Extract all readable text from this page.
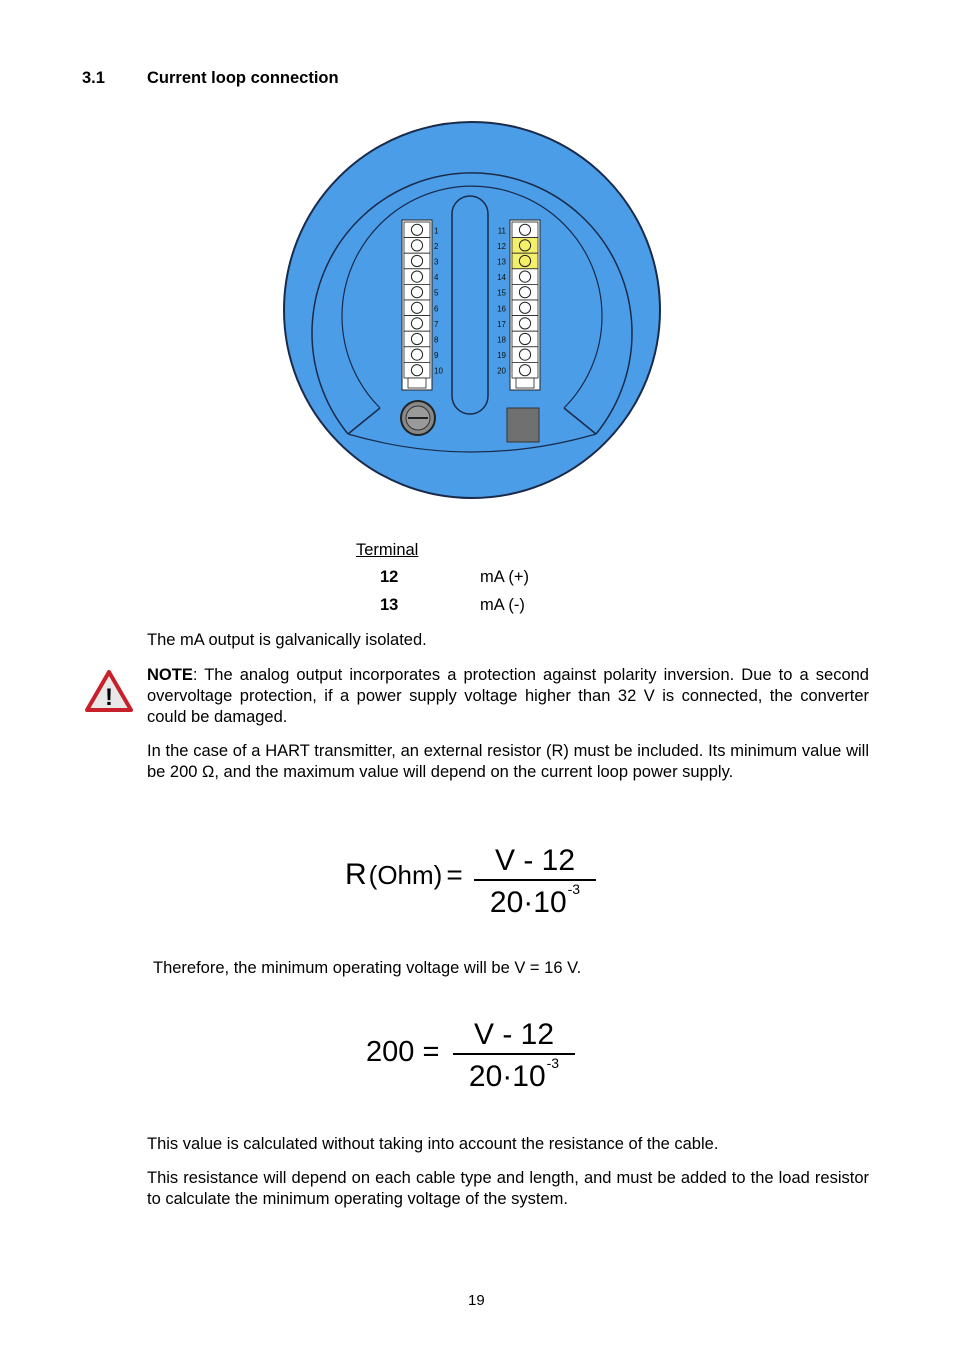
3.1	Current loop connection
1
2
3
4
5
6
7
8
9
10
11
12
13
14
15
16
17
18
19
20
Terminal
12	mA (+)
13	mA (-)
The mA output is galvanically isolated.
!
NOTE: The analog output incorporates a protection against polarity inversion. Due to a second overvoltage protection, if a power supply voltage higher than 32 V is connected, the converter could be damaged.
In the case of a HART transmitter, an external resistor (R) must be included. Its minimum value will be 200 Ω, and the maximum value will depend on the current loop power supply.
R (Ohm) = V - 12
$20\cdot 10^{-3}$
Therefore, the minimum operating voltage will be V = 16 V.
200 =
V - 12
$20\cdot 10^{-3}$
This value is calculated without taking into account the resistance of the cable.
This resistance will depend on each cable type and length, and must be added to the load resistor to calculate the minimum operating voltage of the system.
19
